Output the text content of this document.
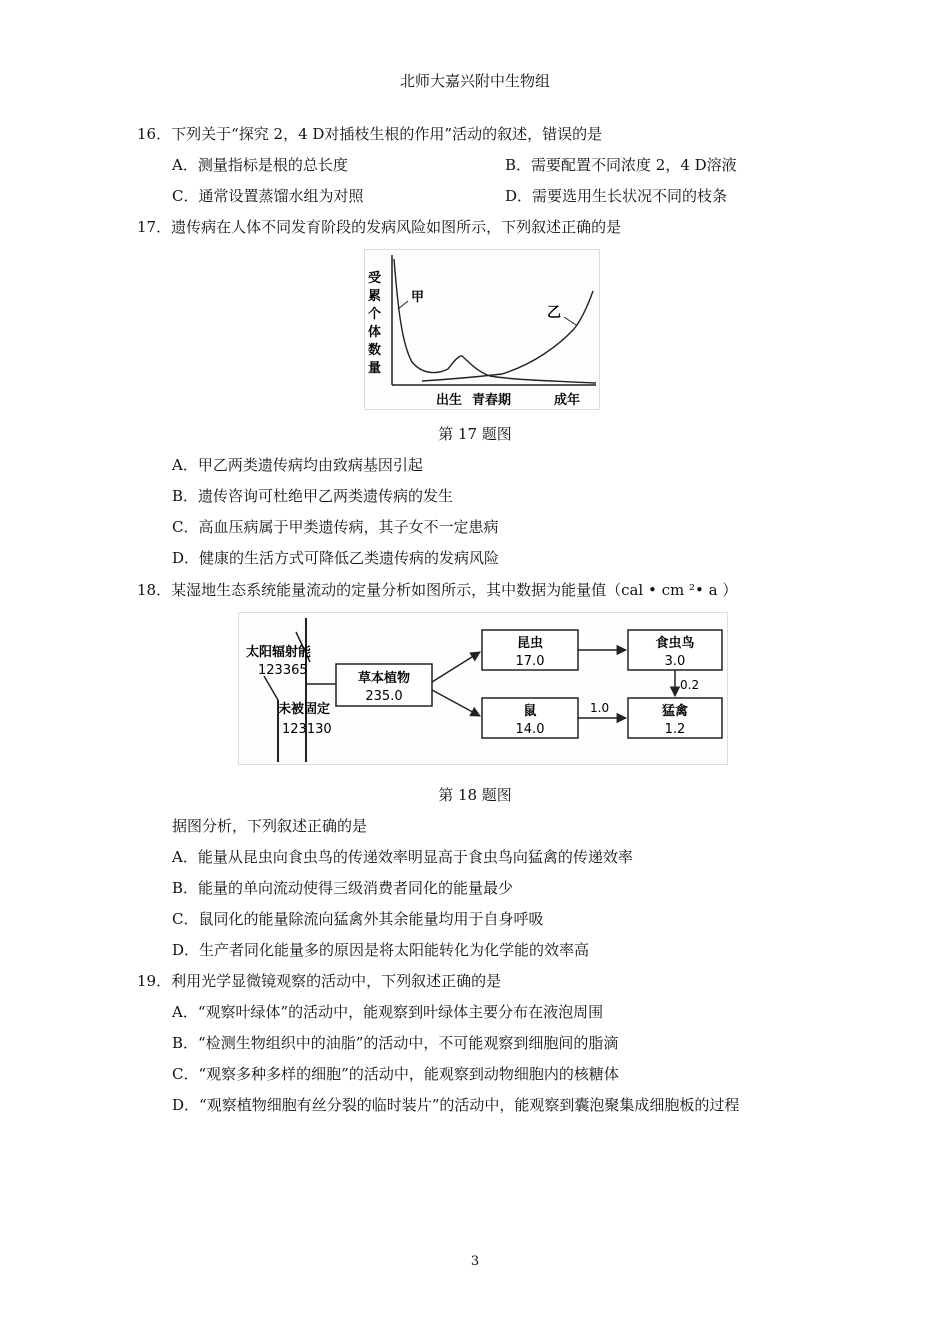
北师大嘉兴附中生物组
16．下列关于“探究 2，4 D对插枝生根的作用”活动的叙述，错误的是
A．测量指标是根的总长度	B．需要配置不同浓度 2，4 D溶液
C．通常设置蒸馏水组为对照	D．需要选用生长状况不同的枝条
17．遗传病在人体不同发育阶段的发病风险如图所示，下列叙述正确的是
受
累
个
体
数
量
甲
乙
出生 青春期	成年
第 17 题图
A．甲乙两类遗传病均由致病基因引起
B．遗传咨询可杜绝甲乙两类遗传病的发生
C．高血压病属于甲类遗传病，其子女不一定患病
D．健康的生活方式可降低乙类遗传病的发病风险
18．某湿地生态系统能量流动的定量分析如图所示，其中数据为能量值（cal • cm ²• a ）
太阳辐射能
123365
未被固定
123130
草本植物
235.0
昆虫
17.0
鼠
14.0
食虫鸟
3.0
猛禽
1.2
1.0
0.2
第 18 题图
据图分析，下列叙述正确的是
A．能量从昆虫向食虫鸟的传递效率明显高于食虫鸟向猛禽的传递效率
B．能量的单向流动使得三级消费者同化的能量最少
C．鼠同化的能量除流向猛禽外其余能量均用于自身呼吸
D．生产者同化能量多的原因是将太阳能转化为化学能的效率高
19．利用光学显微镜观察的活动中，下列叙述正确的是
A．“观察叶绿体”的活动中，能观察到叶绿体主要分布在液泡周围
B．“检测生物组织中的油脂”的活动中，不可能观察到细胞间的脂滴
C．“观察多种多样的细胞”的活动中，能观察到动物细胞内的核糖体
D．“观察植物细胞有丝分裂的临时装片”的活动中，能观察到囊泡聚集成细胞板的过程
3
